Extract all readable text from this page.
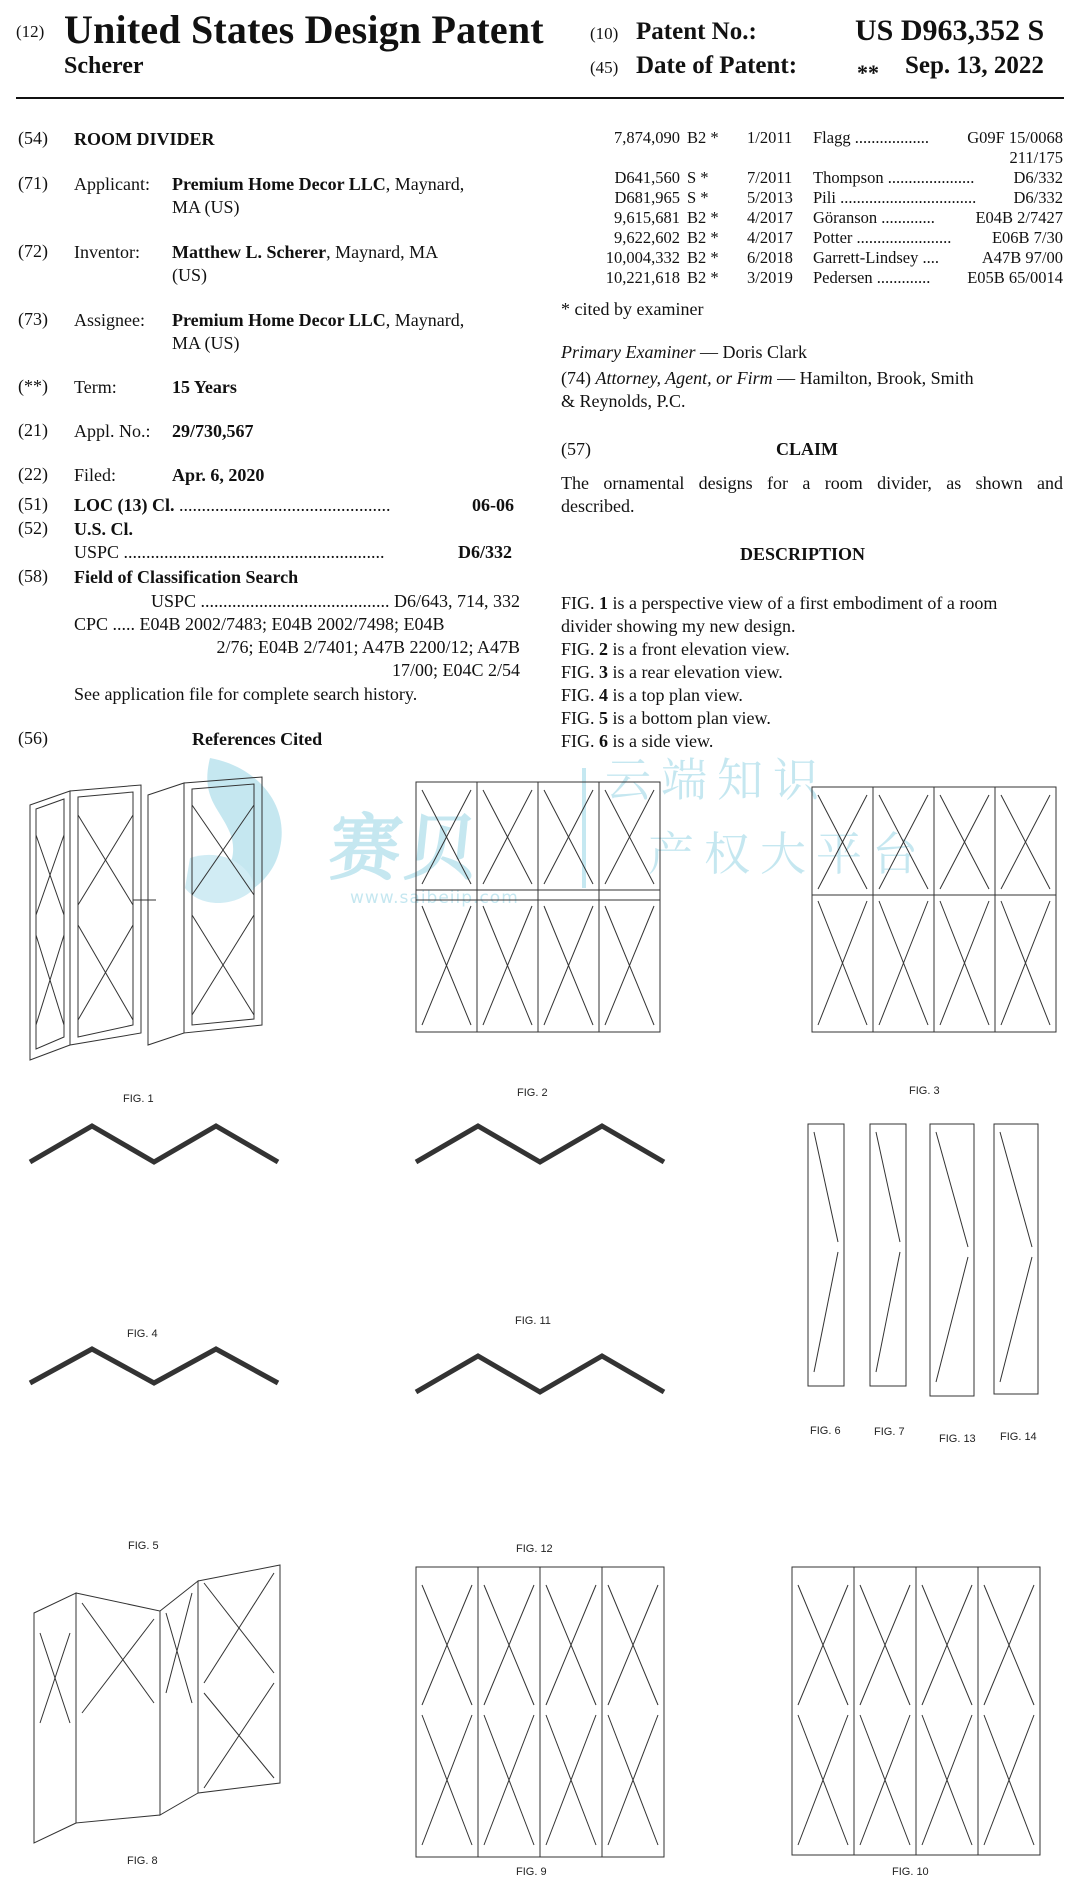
(12) United States Design Patent
Scherer
(10) Patent No.:	US D963,352 S
(45) Date of Patent:	** Sep. 13, 2022
(54) ROOM DIVIDER
(71) Applicant: Premium Home Decor LLC, Maynard,
MA (US)
(72) Inventor: Matthew L. Scherer, Maynard, MA
(US)
(73) Assignee: Premium Home Decor LLC, Maynard,
MA (US)
(**) Term:	15 Years
(21) Appl. No.: 29/730,567
(22) Filed:	Apr. 6, 2020
(51) LOC (13) Cl. ...............................................	06-06
(52) U.S. Cl.
USPC ..........................................................	D6/332
(58) Field of Classification Search
USPC .......................................... D6/643, 714, 332
CPC ..... E04B 2002/7483; E04B 2002/7498; E04B
2/76; E04B 2/7401; A47B 2200/12; A47B
17/00; E04C 2/54
See application file for complete search history.
(56)	References Cited
7,874,090 B2 *	1/2011	Flagg ..................	G09F 15/0068
211/175
D641,560 S *	7/2011	Thompson .....................	D6/332
D681,965 S *	5/2013	Pili .................................	D6/332
9,615,681 B2 *	4/2017	Göranson .............	E04B 2/7427
9,622,602 B2 *	4/2017	Potter .......................	E06B 7/30
10,004,332 B2 *	6/2018	Garrett-Lindsey ....	A47B 97/00
10,221,618 B2 *	3/2019	Pedersen .............	E05B 65/0014
* cited by examiner
Primary Examiner — Doris Clark
(74) Attorney, Agent, or Firm — Hamilton, Brook, Smith
& Reynolds, P.C.
(57)	CLAIM
The ornamental designs for a room divider, as shown and
described.
DESCRIPTION
FIG. 1 is a perspective view of a first embodiment of a room
divider showing my new design.
FIG. 2 is a front elevation view.
FIG. 3 is a rear elevation view.
FIG. 4 is a top plan view.
FIG. 5 is a bottom plan view.
FIG. 6 is a side view.
赛贝
云端知识
产权大平台
www.saibeiip.com
FIG. 1	FIG. 2	FIG. 3
FIG. 4
FIG. 11
FIG. 6	FIG. 7
FIG. 13 FIG. 14
FIG. 5	FIG. 12
FIG. 8
FIG. 9	FIG. 10
